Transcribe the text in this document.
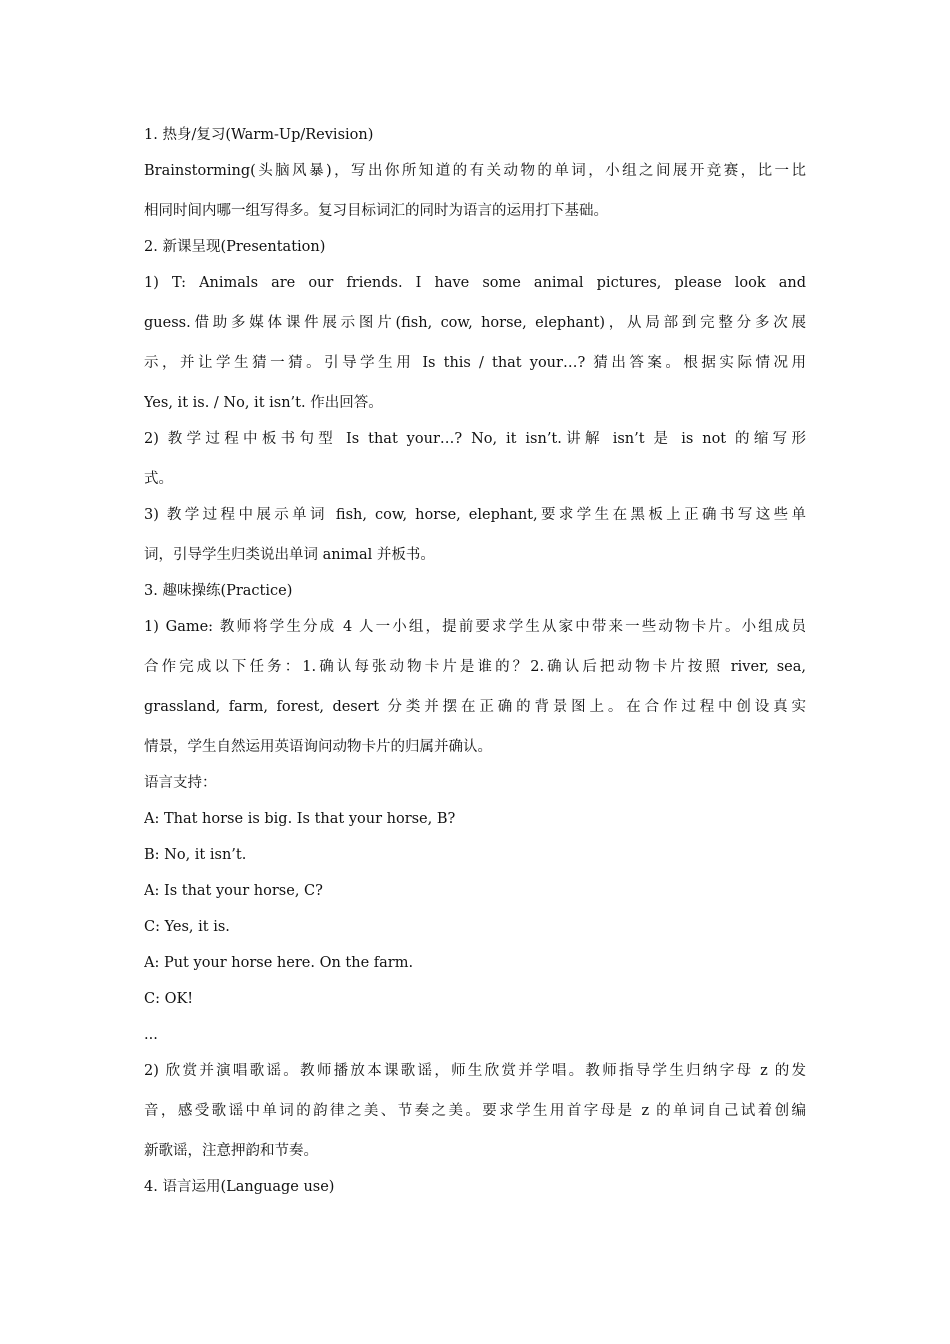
1. 热身/复习(Warm-Up/Revision)
Brainstorming(头脑风暴)，写出你所知道的有关动物的单词，小组之间展开竞赛，比一比
相同时间内哪一组写得多。复习目标词汇的同时为语言的运用打下基础。
2. 新课呈现(Presentation)
1) T: Animals are our friends. I have some animal pictures, please look and
guess.借助多媒体课件展示图片(fish, cow, horse, elephant)，从局部到完整分多次展
示，并让学生猜一猜。引导学生用 Is this / that your…? 猜出答案。根据实际情况用
Yes, it is. / No, it isn’t. 作出回答。
2) 教学过程中板书句型 Is that your…? No, it isn’t.讲解 isn’t 是 is not 的缩写形
式。
3) 教学过程中展示单词 fish, cow, horse, elephant,要求学生在黑板上正确书写这些单
词，引导学生归类说出单词 animal 并板书。
3. 趣味操练(Practice)
1) Game: 教师将学生分成 4 人一小组，提前要求学生从家中带来一些动物卡片。小组成员
合作完成以下任务：1.确认每张动物卡片是谁的？2.确认后把动物卡片按照 river, sea,
grassland, farm, forest, desert 分类并摆在正确的背景图上。在合作过程中创设真实
情景，学生自然运用英语询问动物卡片的归属并确认。
语言支持：
A: That horse is big. Is that your horse, B?
B: No, it isn’t.
A: Is that your horse, C?
C: Yes, it is.
A: Put your horse here. On the farm.
C: OK!
...
2) 欣赏并演唱歌谣。教师播放本课歌谣，师生欣赏并学唱。教师指导学生归纳字母 z 的发
音，感受歌谣中单词的韵律之美、节奏之美。要求学生用首字母是 z 的单词自己试着创编
新歌谣，注意押韵和节奏。
4. 语言运用(Language use)
